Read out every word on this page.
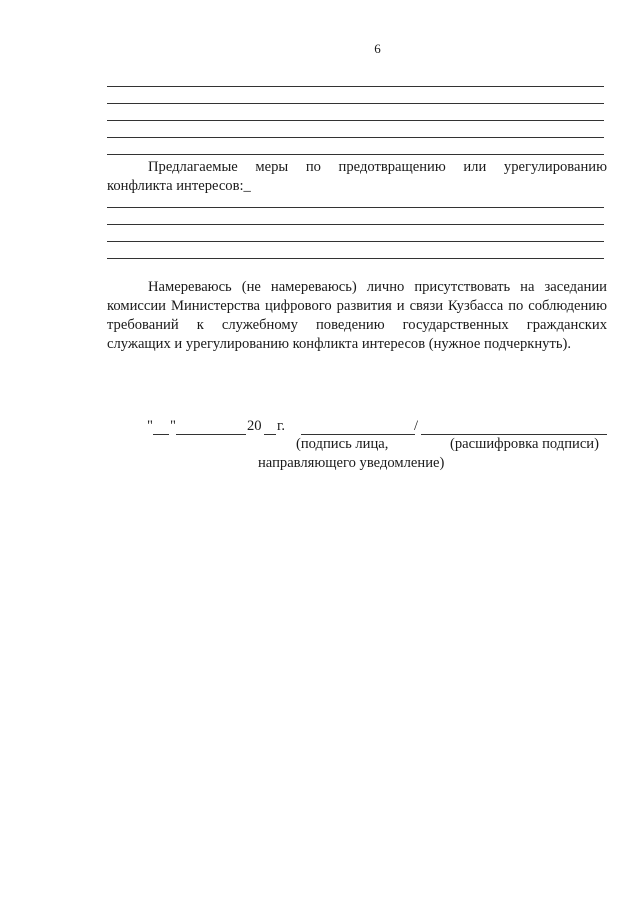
6
Предлагаемые меры по предотвращению или урегулированию
конфликта интересов:_
Намереваюсь (не намереваюсь) лично присутствовать на заседании
комиссии Министерства цифрового развития и связи Кузбасса по соблюдению
требований к служебному поведению государственных гражданских
служащих и урегулированию конфликта интересов (нужное подчеркнуть).
" "	20 г.	/
(подпись лица,	(расшифровка подписи)
направляющего уведомление)
